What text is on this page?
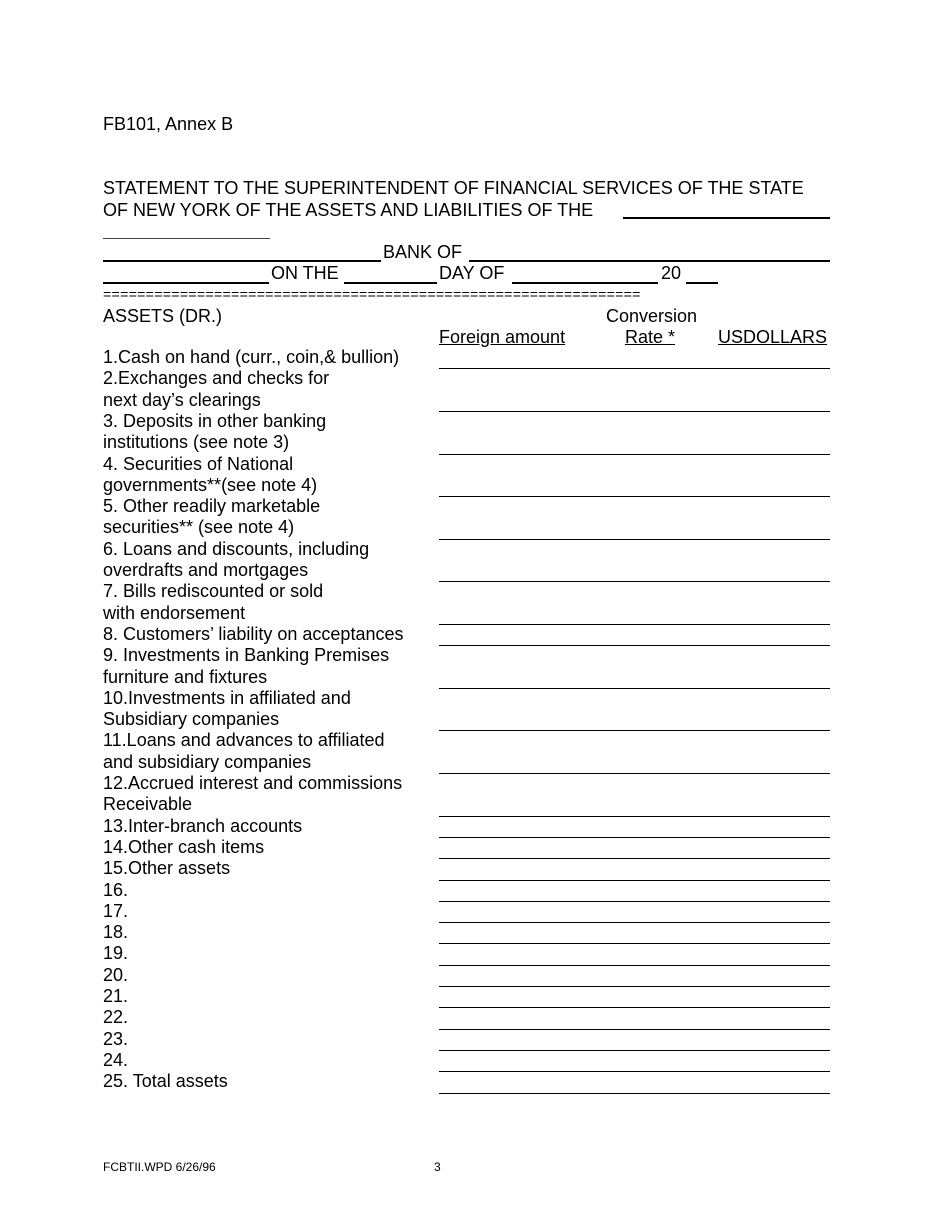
FB101, Annex B
STATEMENT TO THE SUPERINTENDENT OF FINANCIAL SERVICES OF THE STATE
OF NEW YORK OF THE ASSETS AND LIABILITIES OF THE
BANK OF
ON THE	DAY OF	20
===============================================================
ASSETS (DR.)	Conversion
Foreign amount	Rate *	USDOLLARS
1.Cash on hand (curr., coin,& bullion)
2.Exchanges and checks for
next day’s clearings
3. Deposits in other banking
institutions (see note 3)
4. Securities of National
governments**(see note 4)
5. Other readily marketable
securities** (see note 4)
6. Loans and discounts, including
overdrafts and mortgages
7. Bills rediscounted or sold
with endorsement
8. Customers’ liability on acceptances
9. Investments in Banking Premises
furniture and fixtures
10.Investments in affiliated and
Subsidiary companies
11.Loans and advances to affiliated
and subsidiary companies
12.Accrued interest and commissions
Receivable
13.Inter-branch accounts
14.Other cash items
15.Other assets
16.
17.
18.
19.
20.
21.
22.
23.
24.
25. Total assets
FCBTII.WPD 6/26/96	3
